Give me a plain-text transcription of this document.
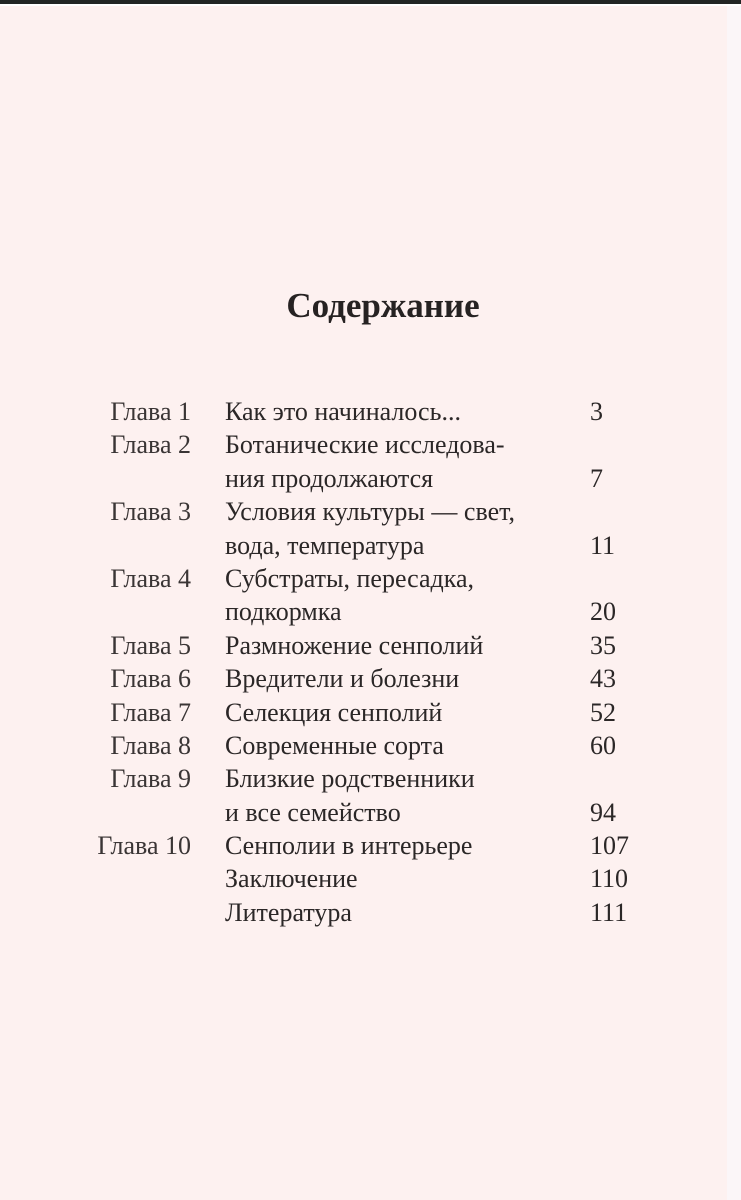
Содержание
Глава 1 Как это начиналось...	3
Глава 2 Ботанические исследова-
ния продолжаются	7
Глава 3 Условия культуры — свет,
вода, температура	11
Глава 4 Субстраты, пересадка,
подкормка	20
Глава 5 Размножение сенполий	35
Глава 6 Вредители и болезни	43
Глава 7 Селекция сенполий	52
Глава 8 Современные сорта	60
Глава 9 Близкие родственники
и все семейство	94
Глава 10 Сенполии в интерьере	107
Заключение	110
Литература	111
